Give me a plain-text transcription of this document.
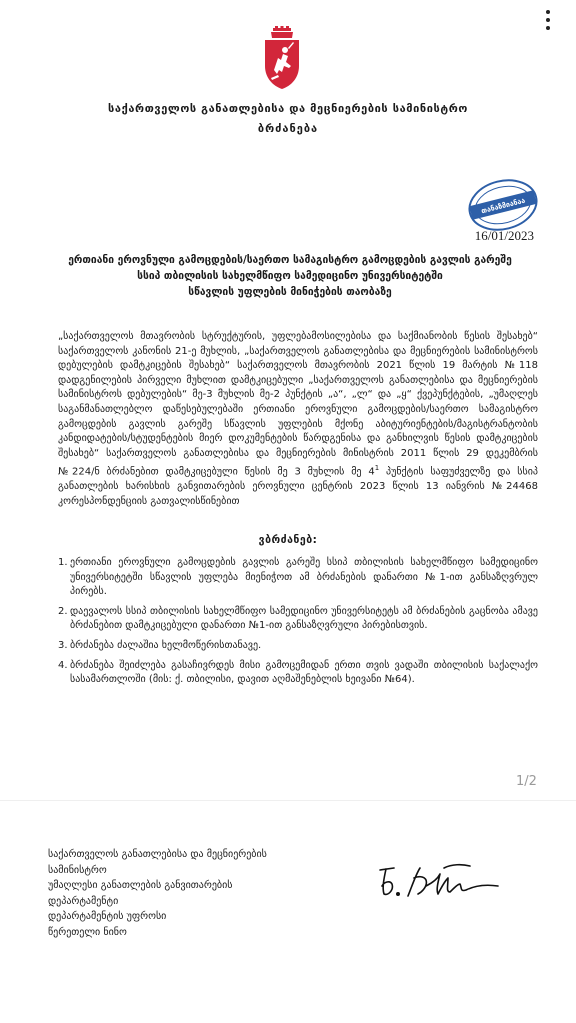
საქართველოს განათლებისა და მეცნიერების სამინისტრო
ბრძანება
თანაზმიანაა
16/01/2023
ერთიანი ეროვნული გამოცდების/საერთო სამაგისტრო გამოცდების გავლის გარეშე
სსიპ თბილისის სახელმწიფო სამედიცინო უნივერსიტეტში
სწავლის უფლების მინიჭების თაობაზე
„საქართველოს მთავრობის სტრუქტურის, უფლებამოსილებისა და საქმიანობის წესის შესახებ“ საქართველოს კანონის 21-ე მუხლის, „საქართველოს განათლებისა და მეცნიერების სამინისტროს დებულების დამტკიცების შესახებ“ საქართველოს მთავრობის 2021 წლის 19 მარტის №118 დადგენილების პირველი მუხლით დამტკიცებული „საქართველოს განათლებისა და მეცნიერების სამინისტროს დებულების“ მე-3 მუხლის მე-2 პუნქტის „ა“, „ლ“ და „ყ“ ქვეპუნქტების, „უმაღლეს საგანმანათლებლო დაწესებულებაში ერთიანი ეროვნული გამოცდების/საერთო სამაგისტრო გამოცდების გავლის გარეშე სწავლის უფლების მქონე აბიტურიენტების/მაგისტრანტობის კანდიდატების/სტუდენტების მიერ დოკუმენტების წარდგენისა და განხილვის წესის დამტკიცების შესახებ“ საქართველოს განათლებისა და მეცნიერების მინისტრის 2011 წლის 29 დეკემბრის №224/ნ ბრძანებით დამტკიცებული წესის მე 3 მუხლის მე $4^1$ პუნქტის საფუძველზე და სსიპ განათლების ხარისხის განვითარების ეროვნული ცენტრის 2023 წლის 13 იანვრის №24468 კორესპონდენციის გათვალისწინებით
ვბრძანებ:
1. ერთიანი ეროვნული გამოცდების გავლის გარეშე სსიპ თბილისის სახელმწიფო სამედიცინო უნივერსიტეტში სწავლის უფლება მიენიჭოთ ამ ბრძანების დანართი №1-ით განსაზღვრულ პირებს.
2. დაევალოს სსიპ თბილისის სახელმწიფო სამედიცინო უნივერსიტეტს ამ ბრძანების გაცნობა ამავე ბრძანებით დამტკიცებული დანართი №1-ით განსაზღვრული პირებისთვის.
3. ბრძანება ძალაშია ხელმოწერისთანავე.
4. ბრძანება შეიძლება გასაჩივრდეს მისი გამოცემიდან ერთი თვის ვადაში თბილისის საქალაქო სასამართლოში (მის: ქ. თბილისი, დავით აღმაშენებლის ხეივანი №64).
1/2
საქართველოს განათლებისა და მეცნიერების
სამინისტრო
უმაღლესი განათლების განვითარების
დეპარტამენტი
დეპარტამენტის უფროსი
წერეთელი ნინო
